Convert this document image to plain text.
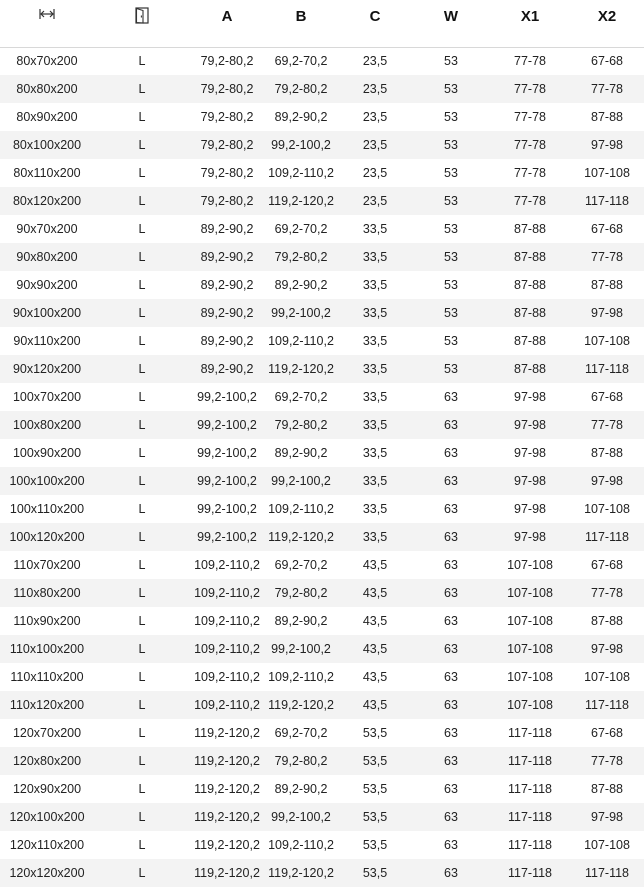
		A	B	C	W	X1	X2
80x70x200	L	79,2-80,2	69,2-70,2	23,5	53	77-78	67-68
80x80x200	L	79,2-80,2	79,2-80,2	23,5	53	77-78	77-78
80x90x200	L	79,2-80,2	89,2-90,2	23,5	53	77-78	87-88
80x100x200	L	79,2-80,2	99,2-100,2	23,5	53	77-78	97-98
80x110x200	L	79,2-80,2	109,2-110,2	23,5	53	77-78	107-108
80x120x200	L	79,2-80,2	119,2-120,2	23,5	53	77-78	117-118
90x70x200	L	89,2-90,2	69,2-70,2	33,5	53	87-88	67-68
90x80x200	L	89,2-90,2	79,2-80,2	33,5	53	87-88	77-78
90x90x200	L	89,2-90,2	89,2-90,2	33,5	53	87-88	87-88
90x100x200	L	89,2-90,2	99,2-100,2	33,5	53	87-88	97-98
90x110x200	L	89,2-90,2	109,2-110,2	33,5	53	87-88	107-108
90x120x200	L	89,2-90,2	119,2-120,2	33,5	53	87-88	117-118
100x70x200	L	99,2-100,2	69,2-70,2	33,5	63	97-98	67-68
100x80x200	L	99,2-100,2	79,2-80,2	33,5	63	97-98	77-78
100x90x200	L	99,2-100,2	89,2-90,2	33,5	63	97-98	87-88
100x100x200	L	99,2-100,2	99,2-100,2	33,5	63	97-98	97-98
100x110x200	L	99,2-100,2	109,2-110,2	33,5	63	97-98	107-108
100x120x200	L	99,2-100,2	119,2-120,2	33,5	63	97-98	117-118
110x70x200	L	109,2-110,2	69,2-70,2	43,5	63	107-108	67-68
110x80x200	L	109,2-110,2	79,2-80,2	43,5	63	107-108	77-78
110x90x200	L	109,2-110,2	89,2-90,2	43,5	63	107-108	87-88
110x100x200	L	109,2-110,2	99,2-100,2	43,5	63	107-108	97-98
110x110x200	L	109,2-110,2	109,2-110,2	43,5	63	107-108	107-108
110x120x200	L	109,2-110,2	119,2-120,2	43,5	63	107-108	117-118
120x70x200	L	119,2-120,2	69,2-70,2	53,5	63	117-118	67-68
120x80x200	L	119,2-120,2	79,2-80,2	53,5	63	117-118	77-78
120x90x200	L	119,2-120,2	89,2-90,2	53,5	63	117-118	87-88
120x100x200	L	119,2-120,2	99,2-100,2	53,5	63	117-118	97-98
120x110x200	L	119,2-120,2	109,2-110,2	53,5	63	117-118	107-108
120x120x200	L	119,2-120,2	119,2-120,2	53,5	63	117-118	117-118
